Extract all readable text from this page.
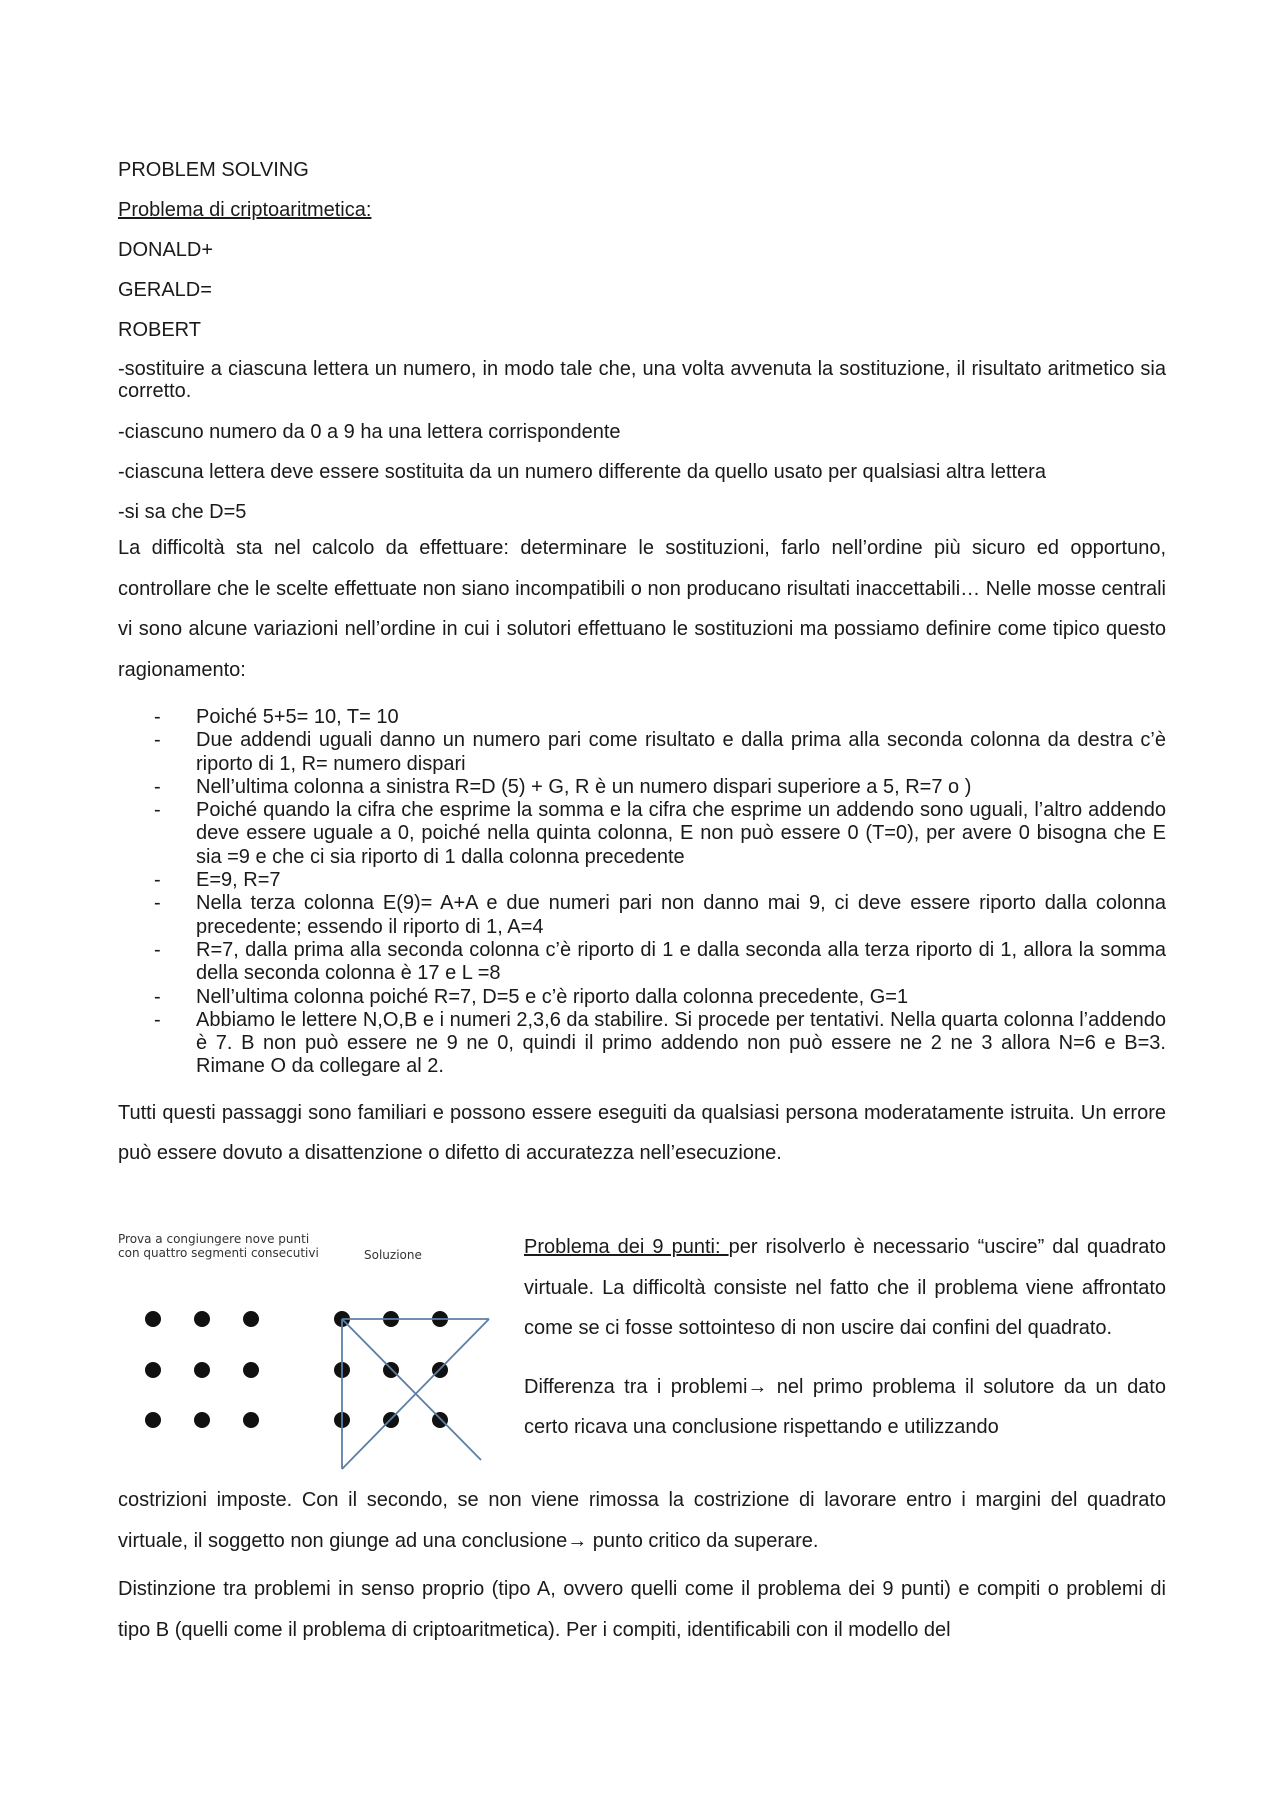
PROBLEM SOLVING

Problema di criptoaritmetica:

DONALD+

GERALD=

ROBERT

-sostituire a ciascuna lettera un numero, in modo tale che, una volta avvenuta la sostituzione, il risultato aritmetico sia corretto.

-ciascuno numero da 0 a 9 ha una lettera corrispondente

-ciascuna lettera deve essere sostituita da un numero differente da quello usato per qualsiasi altra lettera

-si sa che D=5

La difficoltà sta nel calcolo da effettuare: determinare le sostituzioni, farlo nell’ordine più sicuro ed opportuno, controllare che le scelte effettuate non siano incompatibili o non producano risultati inaccettabili… Nelle mosse centrali vi sono alcune variazioni nell’ordine in cui i solutori effettuano le sostituzioni ma possiamo definire come tipico questo ragionamento:

- Poiché 5+5= 10, T= 10
- Due addendi uguali danno un numero pari come risultato e dalla prima alla seconda colonna da destra c’è riporto di 1, R= numero dispari
- Nell’ultima colonna a sinistra R=D (5) + G, R è un numero dispari superiore a 5, R=7 o )
- Poiché quando la cifra che esprime la somma e la cifra che esprime un addendo sono uguali, l’altro addendo deve essere uguale a 0, poiché nella quinta colonna, E non può essere 0 (T=0), per avere 0 bisogna che E sia =9 e che ci sia riporto di 1 dalla colonna precedente
- E=9, R=7
- Nella terza colonna E(9)= A+A e due numeri pari non danno mai 9, ci deve essere riporto dalla colonna precedente; essendo il riporto di 1, A=4
- R=7, dalla prima alla seconda colonna c’è riporto di 1 e dalla seconda alla terza riporto di 1, allora la somma della seconda colonna è 17 e L =8
- Nell’ultima colonna poiché R=7, D=5 e c’è riporto dalla colonna precedente, G=1
- Abbiamo le lettere N,O,B e i numeri 2,3,6 da stabilire. Si procede per tentativi. Nella quarta colonna l’addendo è 7. B non può essere ne 9 ne 0, quindi il primo addendo non può essere ne 2 ne 3 allora N=6 e B=3. Rimane O da collegare al 2.

Tutti questi passaggi sono familiari e possono essere eseguiti da qualsiasi persona moderatamente istruita. Un errore può essere dovuto a disattenzione o difetto di accuratezza nell’esecuzione.

Prova a congiungere nove punti
con quattro segmenti consecutivi	Soluzione	Problema dei 9 punti: per risolverlo è necessario “uscire” dal quadrato virtuale. La difficoltà consiste nel fatto che il problema viene affrontato come se ci fosse sottointeso di non uscire dai confini del quadrato.

Differenza tra i problemi→ nel primo problema il solutore da un dato certo ricava una conclusione rispettando e utilizzando

costrizioni imposte. Con il secondo, se non viene rimossa la costrizione di lavorare entro i margini del quadrato virtuale, il soggetto non giunge ad una conclusione→ punto critico da superare.

Distinzione tra problemi in senso proprio (tipo A, ovvero quelli come il problema dei 9 punti) e compiti o problemi di tipo B (quelli come il problema di criptoaritmetica). Per i compiti, identificabili con il modello del
